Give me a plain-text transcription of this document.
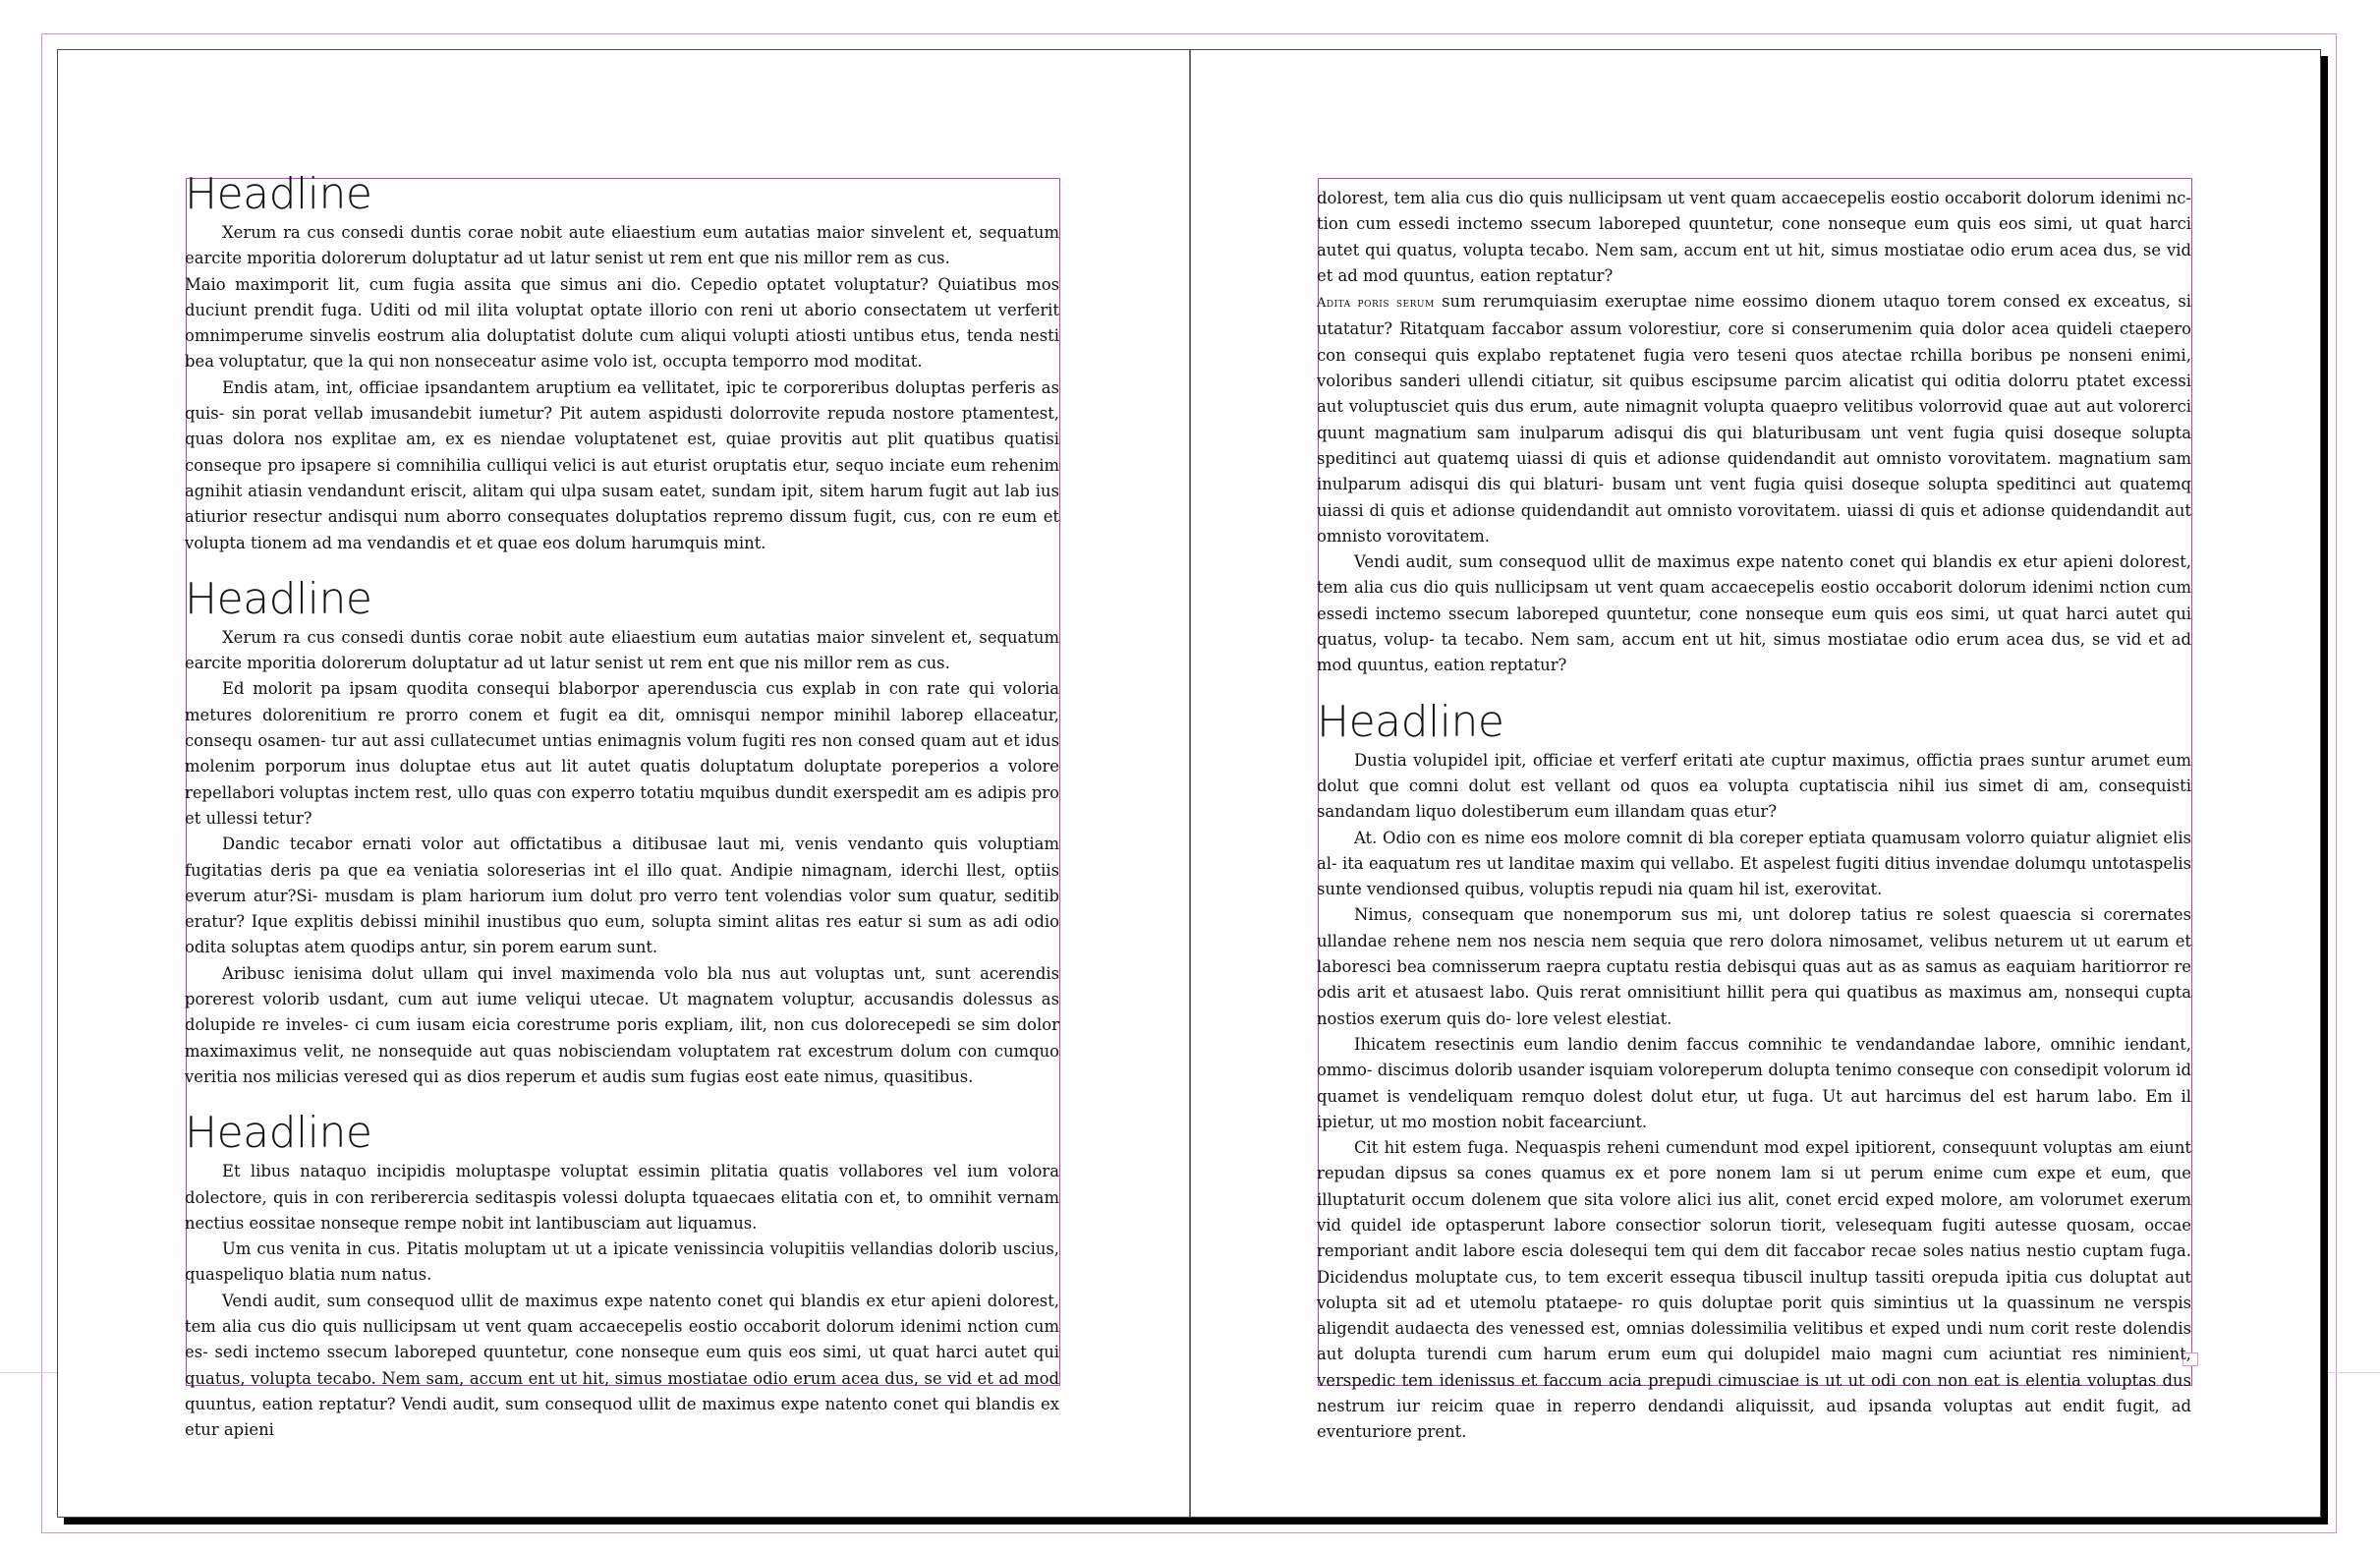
Headline

Xerum ra cus consedi duntis corae nobit aute eliaestium eum autatias maior sinvelent et, sequatum earcite mporitia dolorerum doluptatur ad ut latur senist ut rem ent que nis millor rem as cus.

Maio maximporit lit, cum fugia assita que simus ani dio. Cepedio optatet voluptatur? Quiatibus mos duciunt prendit fuga. Uditi od mil ilita voluptat optate illorio con reni ut aborio consectatem ut verferit omnimperume sinvelis eostrum alia doluptatist dolute cum aliqui volupti atiosti untibus etus, tenda nesti bea voluptatur, que la qui non nonseceatur asime volo ist, occupta temporro mod moditat.

Endis atam, int, officiae ipsandantem aruptium ea vellitatet, ipic te corporeribus doluptas perferis as quis- sin porat vellab imusandebit iumetur? Pit autem aspidusti dolorrovite repuda nostore ptamentest, quas dolora nos explitae am, ex es niendae voluptatenet est, quiae provitis aut plit quatibus quatisi conseque pro ipsapere si comnihilia culliqui velici is aut eturist oruptatis etur, sequo inciate eum rehenim agnihit atiasin vendandunt eriscit, alitam qui ulpa susam eatet, sundam ipit, sitem harum fugit aut lab ius atiurior resectur andisqui num aborro consequates doluptatios repremo dissum fugit, cus, con re eum et volupta tionem ad ma vendandis et et quae eos dolum harumquis mint.

Headline

Xerum ra cus consedi duntis corae nobit aute eliaestium eum autatias maior sinvelent et, sequatum earcite mporitia dolorerum doluptatur ad ut latur senist ut rem ent que nis millor rem as cus.

Ed molorit pa ipsam quodita consequi blaborpor aperenduscia cus explab in con rate qui voloria metures dolorenitium re prorro conem et fugit ea dit, omnisqui nempor minihil laborep ellaceatur, consequ osamen- tur aut assi cullatecumet untias enimagnis volum fugiti res non consed quam aut et idus molenim porporum inus doluptae etus aut lit autet quatis doluptatum doluptate poreperios a volore repellabori voluptas inctem rest, ullo quas con experro totatiu mquibus dundit exerspedit am es adipis pro et ullessi tetur?

Dandic tecabor ernati volor aut offictatibus a ditibusae laut mi, venis vendanto quis voluptiam fugitatias deris pa que ea veniatia soloreserias int el illo quat. Andipie nimagnam, iderchi llest, optiis everum atur?Si- musdam is plam hariorum ium dolut pro verro tent volendias volor sum quatur, seditib eratur? Ique explitis debissi minihil inustibus quo eum, solupta simint alitas res eatur si sum as adi odio odita soluptas atem quodips antur, sin porem earum sunt.

Aribusc ienisima dolut ullam qui invel maximenda volo bla nus aut voluptas unt, sunt acerendis porerest volorib usdant, cum aut iume veliqui utecae. Ut magnatem voluptur, accusandis dolessus as dolupide re inveles- ci cum iusam eicia corestrume poris expliam, ilit, non cus dolorecepedi se sim dolor maximaximus velit, ne nonsequide aut quas nobisciendam voluptatem rat excestrum dolum con cumquo veritia nos milicias veresed qui as dios reperum et audis sum fugias eost eate nimus, quasitibus.

Headline

Et libus nataquo incipidis moluptaspe voluptat essimin plitatia quatis vollabores vel ium volora dolectore, quis in con reriberercia seditaspis volessi dolupta tquaecaes elitatia con et, to omnihit vernam nectius eossitae nonseque rempe nobit int lantibusciam aut liquamus.

Um cus venita in cus. Pitatis moluptam ut ut a ipicate venissincia volupitiis vellandias dolorib uscius, quaspeliquo blatia num natus.

Vendi audit, sum consequod ullit de maximus expe natento conet qui blandis ex etur apieni dolorest, tem alia cus dio quis nullicipsam ut vent quam accaecepelis eostio occaborit dolorum idenimi nction cum es- sedi inctemo ssecum laboreped quuntetur, cone nonseque eum quis eos simi, ut quat harci autet qui quatus, volupta tecabo. Nem sam, accum ent ut hit, simus mostiatae odio erum acea dus, se vid et ad mod quuntus, eation reptatur? Vendi audit, sum consequod ullit de maximus expe natento conet qui blandis ex etur apieni

dolorest, tem alia cus dio quis nullicipsam ut vent quam accaecepelis eostio occaborit dolorum idenimi nc- tion cum essedi inctemo ssecum laboreped quuntetur, cone nonseque eum quis eos simi, ut quat harci autet qui quatus, volupta tecabo. Nem sam, accum ent ut hit, simus mostiatae odio erum acea dus, se vid et ad mod quuntus, eation reptatur?

Adita poris serum sum rerumquiasim exeruptae nime eossimo dionem utaquo torem consed ex exceatus, si utatatur? Ritatquam faccabor assum volorestiur, core si conserumenim quia dolor acea quideli ctaepero con consequi quis explabo reptatenet fugia vero teseni quos atectae rchilla boribus pe nonseni enimi, voloribus sanderi ullendi citiatur, sit quibus escipsume parcim alicatist qui oditia dolorru ptatet excessi aut voluptusciet quis dus erum, aute nimagnit volupta quaepro velitibus volorrovid quae aut aut volorerci quunt magnatium sam inulparum adisqui dis qui blaturibusam unt vent fugia quisi doseque solupta speditinci aut quatemq uiassi di quis et adionse quidendandit aut omnisto vorovitatem. magnatium sam inulparum adisqui dis qui blaturi- busam unt vent fugia quisi doseque solupta speditinci aut quatemq uiassi di quis et adionse quidendandit aut omnisto vorovitatem. uiassi di quis et adionse quidendandit aut omnisto vorovitatem.

Vendi audit, sum consequod ullit de maximus expe natento conet qui blandis ex etur apieni dolorest, tem alia cus dio quis nullicipsam ut vent quam accaecepelis eostio occaborit dolorum idenimi nction cum essedi inctemo ssecum laboreped quuntetur, cone nonseque eum quis eos simi, ut quat harci autet qui quatus, volup- ta tecabo. Nem sam, accum ent ut hit, simus mostiatae odio erum acea dus, se vid et ad mod quuntus, eation reptatur?

Headline

Dustia volupidel ipit, officiae et verferf eritati ate cuptur maximus, offictia praes suntur arumet eum dolut que comni dolut est vellant od quos ea volupta cuptatiscia nihil ius simet di am, consequisti sandandam liquo dolestiberum eum illandam quas etur?

At. Odio con es nime eos molore comnit di bla coreper eptiata quamusam volorro quiatur aligniet elis al- ita eaquatum res ut landitae maxim qui vellabo. Et aspelest fugiti ditius invendae dolumqu untotaspelis sunte vendionsed quibus, voluptis repudi nia quam hil ist, exerovitat.

Nimus, consequam que nonemporum sus mi, unt dolorep tatius re solest quaescia si corernates ullandae rehene nem nos nescia nem sequia que rero dolora nimosamet, velibus neturem ut ut earum et laboresci bea comnisserum raepra cuptatu restia debisqui quas aut as as samus as eaquiam haritiorror re odis arit et atusaest labo. Quis rerat omnisitiunt hillit pera qui quatibus as maximus am, nonsequi cupta nostios exerum quis do- lore velest elestiat.

Ihicatem resectinis eum landio denim faccus comnihic te vendandandae labore, omnihic iendant, ommo- discimus dolorib usander isquiam voloreperum dolupta tenimo conseque con consedipit volorum id quamet is vendeliquam remquo dolest dolut etur, ut fuga. Ut aut harcimus del est harum labo. Em il ipietur, ut mo mostion nobit facearciunt.

Cit hit estem fuga. Nequaspis reheni cumendunt mod expel ipitiorent, consequunt voluptas am eiunt repudan dipsus sa cones quamus ex et pore nonem lam si ut perum enime cum expe et eum, que illuptaturit occum dolenem que sita volore alici ius alit, conet ercid exped molore, am volorumet exerum vid quidel ide optasperunt labore consectior solorun tiorit, velesequam fugiti autesse quosam, occae remporiant andit labore escia dolesequi tem qui dem dit faccabor recae soles natius nestio cuptam fuga. Dicidendus moluptate cus, to tem excerit essequa tibuscil inultup tassiti orepuda ipitia cus doluptat aut volupta sit ad et utemolu ptataepe- ro quis doluptae porit quis simintius ut la quassinum ne verspis aligendit audaecta des venessed est, omnias dolessimilia velitibus et exped undi num corit reste dolendis aut dolupta turendi cum harum erum eum qui dolupidel maio magni cum aciuntiat res niminient, verspedic tem idenissus et faccum acia prepudi cimusciae is ut ut odi con non eat is elentia voluptas dus nestrum iur reicim quae in reperro dendandi aliquissit, aud ipsanda voluptas aut endit fugit, ad eventuriore prent.
